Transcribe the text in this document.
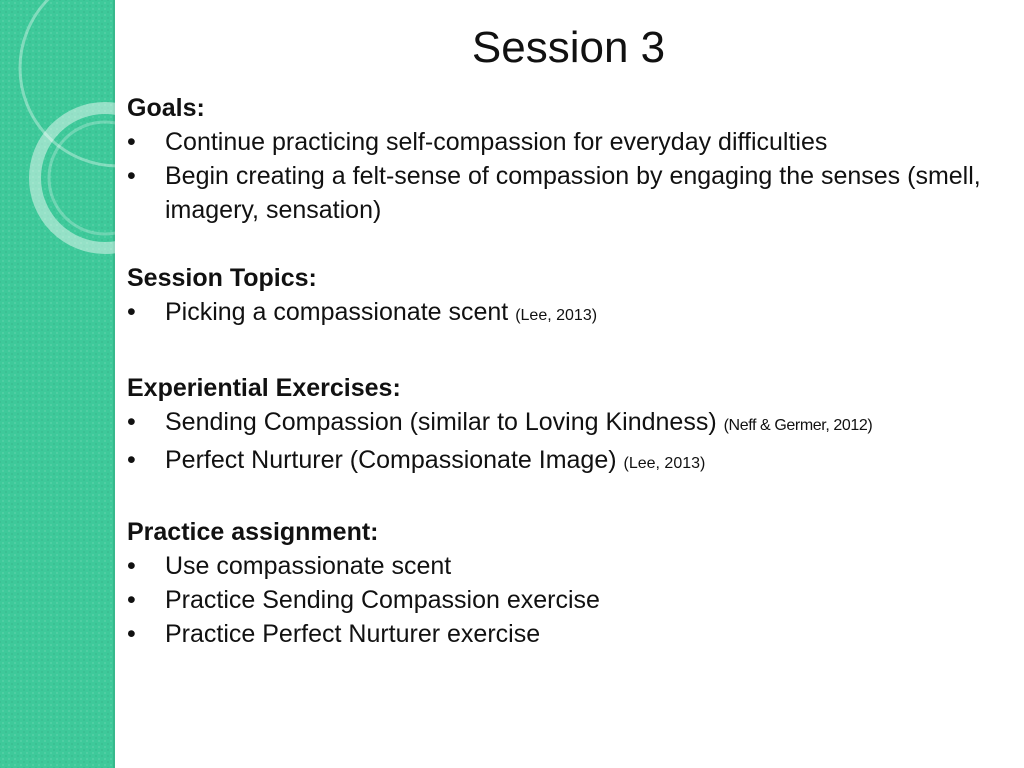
Session 3
Goals:
• Continue practicing self-compassion for everyday difficulties
• Begin creating a felt-sense of compassion by engaging the senses (smell, imagery, sensation)
Session Topics:
• Picking a compassionate scent (Lee, 2013)
Experiential Exercises:
• Sending Compassion (similar to Loving Kindness) (Neff & Germer, 2012)
• Perfect Nurturer (Compassionate Image) (Lee, 2013)
Practice assignment:
• Use compassionate scent
• Practice Sending Compassion exercise
• Practice Perfect Nurturer exercise
